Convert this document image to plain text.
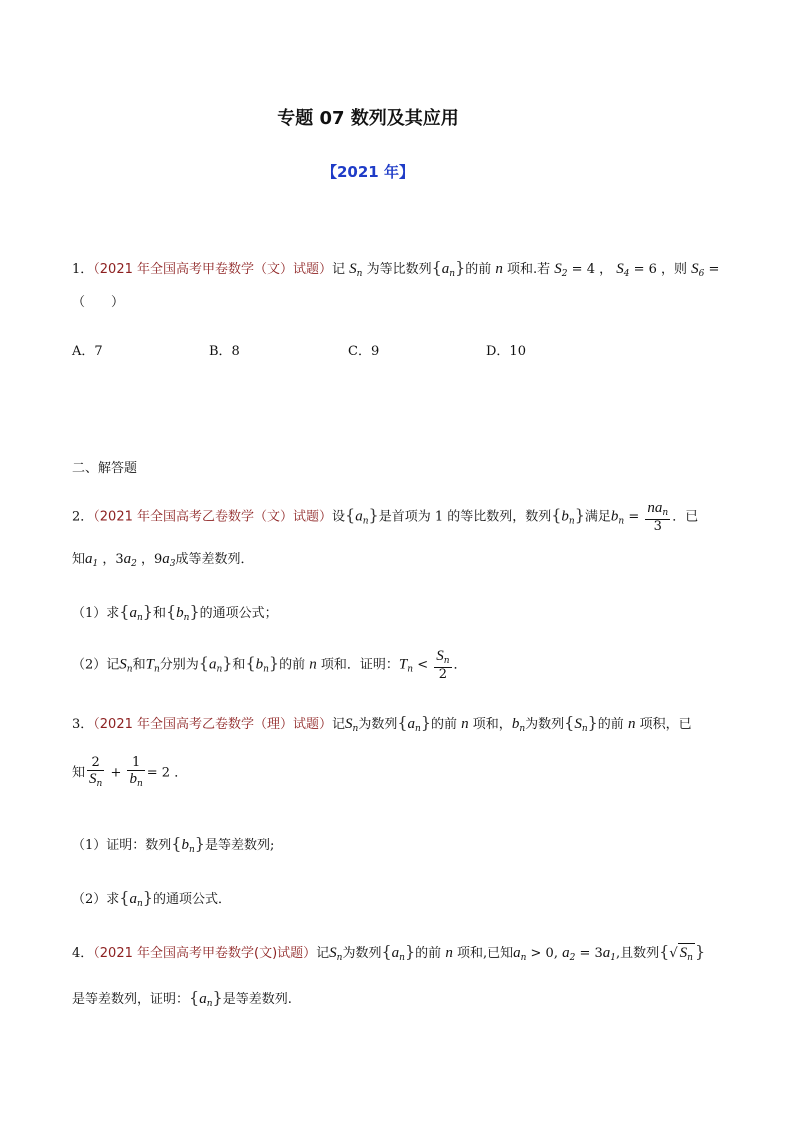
专题 07 数列及其应用
【2021 年】
1．（2021 年全国高考甲卷数学（文）试题）记 $S_n$ 为等比数列$\{a_n\}$的前 n 项和.若 $S_2 = 4$ ， $S_4 = 6$ ，则 $S_6$ =
（　　）
A．7	B．8	C．9	D．10
二、解答题
2．（2021 年全国高考乙卷数学（文）试题）设$\{a_n\}$是首项为 1 的等比数列，数列$\{b_n\}$满足$b_n = \frac{na_n}{3}$ ．已
知$a_1$ ，$3a_2$ ，$9a_3$成等差数列．
（1）求$\{a_n\}$和$\{b_n\}$的通项公式；
（2）记$S_n$和$T_n$分别为$\{a_n\}$和$\{b_n\}$的前 n 项和．证明：$T_n < \frac{S_n}{2}$ ．
3．（2021 年全国高考乙卷数学（理）试题）记$S_n$为数列$\{a_n\}$的前 n 项和，$b_n$为数列$\{S_n\}$的前 n 项积，已
知 $\frac{2}{S_n} + \frac{1}{b_n} = 2$ ．
（1）证明：数列$\{b_n\}$是等差数列;
（2）求$\{a_n\}$的通项公式．
4．（2021 年全国高考甲卷数学(文)试题）记$S_n$为数列$\{a_n\}$的前 n 项和,已知$a_n > 0$, $a_2 = 3a_1$,且数列{√ $S_n$ }
是等差数列，证明：$\{a_n\}$是等差数列.
